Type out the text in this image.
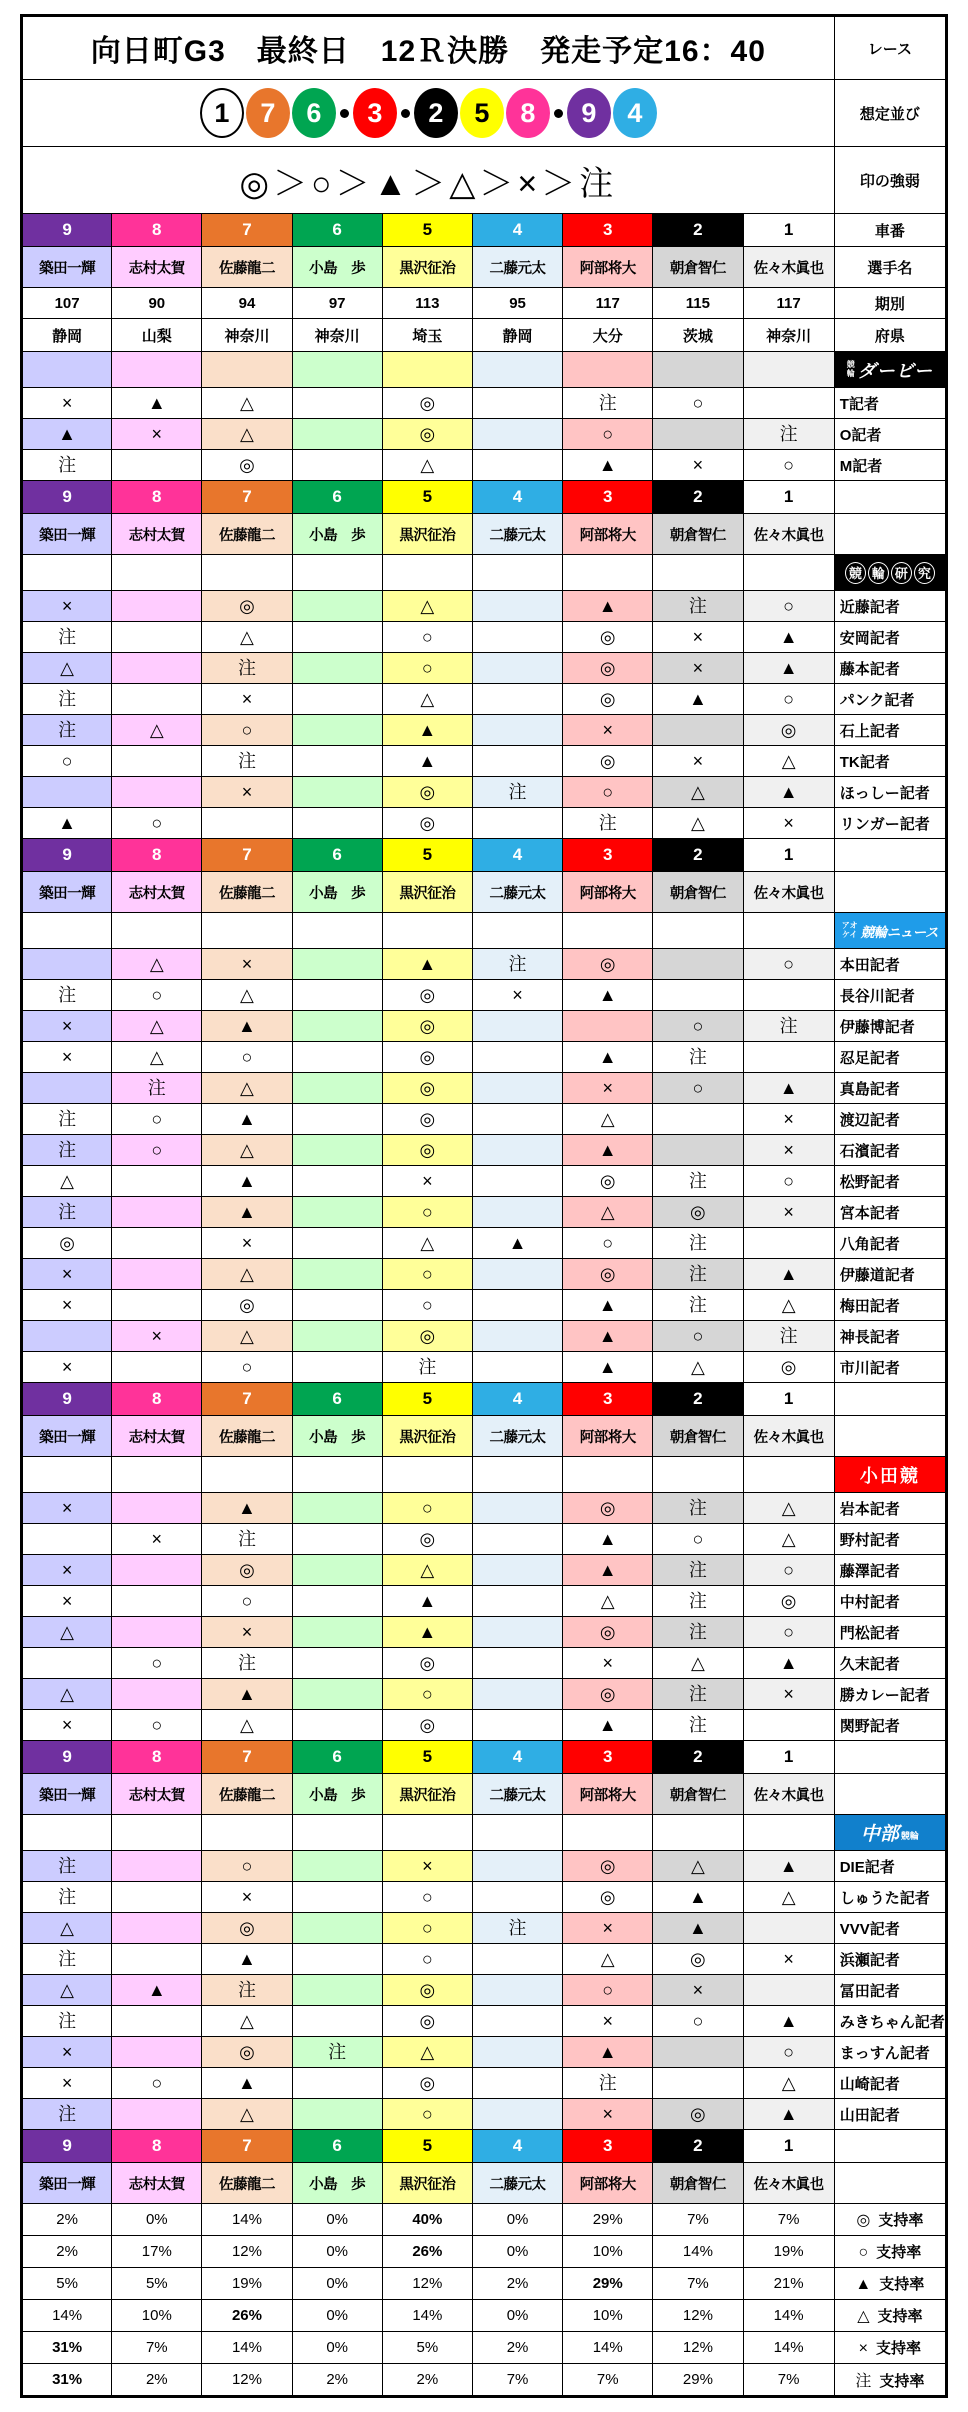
向日町G3　最終日　12Ｒ決勝　発走予定16：40									レース

1	7	6	3	2	5	8	9	4	想定並び
◎＞○＞▲＞△＞×＞注									印の強弱
9	8	7	6	5	4	3	2	1	車番
築田一輝	志村太賀	佐藤龍二	小島　歩	黒沢征治	二藤元太	阿部将大	朝倉智仁	佐々木眞也	選手名
107	90	94	97	113	95	117	115	117	期別
静岡	山梨	神奈川	神奈川	埼玉	静岡	大分	茨城	神奈川	府県

									競
輪 ダービー

×	▲	△		◎		注	○		T記者
▲	×	△		◎		○		注	O記者
注		◎		△		▲	×	○	M記者
9	8	7	6	5	4	3	2	1	
築田一輝	志村太賀	佐藤龍二	小島　歩	黒沢征治	二藤元太	阿部将大	朝倉智仁	佐々木眞也	

競 輪 研 究

×		◎		△		▲	注	○	近藤記者
注		△		○		◎	×	▲	安岡記者
△		注		○		◎	×	▲	藤本記者
注		×		△		◎	▲	○	パンク記者
注	△	○		▲		×		◎	石上記者
○		注		▲		◎	×	△	TK記者
		×		◎	注	○	△	▲	ほっしー記者
▲	○			◎		注	△	×	リンガー記者
9	8	7	6	5	4	3	2	1	
築田一輝	志村太賀	佐藤龍二	小島　歩	黒沢征治	二藤元太	阿部将大	朝倉智仁	佐々木眞也	

									アオ
ケイ 競輪ニュース

	△	×		▲	注	◎		○	本田記者
注	○	△		◎	×	▲			長谷川記者
×	△	▲		◎			○	注	伊藤博記者
×	△	○		◎		▲	注		忍足記者
	注	△		◎		×	○	▲	真島記者
注	○	▲		◎		△		×	渡辺記者
注	○	△		◎		▲		×	石濱記者
△		▲		×		◎	注	○	松野記者
注		▲		○		△	◎	×	宮本記者
◎		×		△	▲	○	注		八角記者
×		△		○		◎	注	▲	伊藤道記者
×		◎		○		▲	注	△	梅田記者
	×	△		◎		▲	○	注	神長記者
×		○		注		▲	△	◎	市川記者
9	8	7	6	5	4	3	2	1	
築田一輝	志村太賀	佐藤龍二	小島　歩	黒沢征治	二藤元太	阿部将大	朝倉智仁	佐々木眞也	

									小田競

×		▲		○		◎	注	△	岩本記者
	×	注		◎		▲	○	△	野村記者
×		◎		△		▲	注	○	藤澤記者
×		○		▲		△	注	◎	中村記者
△		×		▲		◎	注	○	門松記者
	○	注		◎		×	△	▲	久末記者
△		▲		○		◎	注	×	勝カレー記者
×	○	△		◎		▲	注		関野記者
9	8	7	6	5	4	3	2	1	
築田一輝	志村太賀	佐藤龍二	小島　歩	黒沢征治	二藤元太	阿部将大	朝倉智仁	佐々木眞也	

									中部 競輪

注		○		×		◎	△	▲	DIE記者
注		×		○		◎	▲	△	しゅうた記者
△		◎		○	注	×	▲		VVV記者
注		▲		○		△	◎	×	浜瀬記者
△	▲	注		◎		○	×		冨田記者
注		△		◎		×	○	▲	みきちゃん記者
×		◎	注	△		▲		○	まっすん記者
×	○	▲		◎		注		△	山崎記者
注		△		○		×	◎	▲	山田記者
9	8	7	6	5	4	3	2	1	
築田一輝	志村太賀	佐藤龍二	小島　歩	黒沢征治	二藤元太	阿部将大	朝倉智仁	佐々木眞也	
2%	0%	14%	0%	40%	0%	29%	7%	7%	◎ 支持率
2%	17%	12%	0%	26%	0%	10%	14%	19%	○ 支持率
5%	5%	19%	0%	12%	2%	29%	7%	21%	▲ 支持率
14%	10%	26%	0%	14%	0%	10%	12%	14%	△ 支持率
31%	7%	14%	0%	5%	2%	14%	12%	14%	× 支持率
31%	2%	12%	2%	2%	7%	7%	29%	7%	注 支持率
